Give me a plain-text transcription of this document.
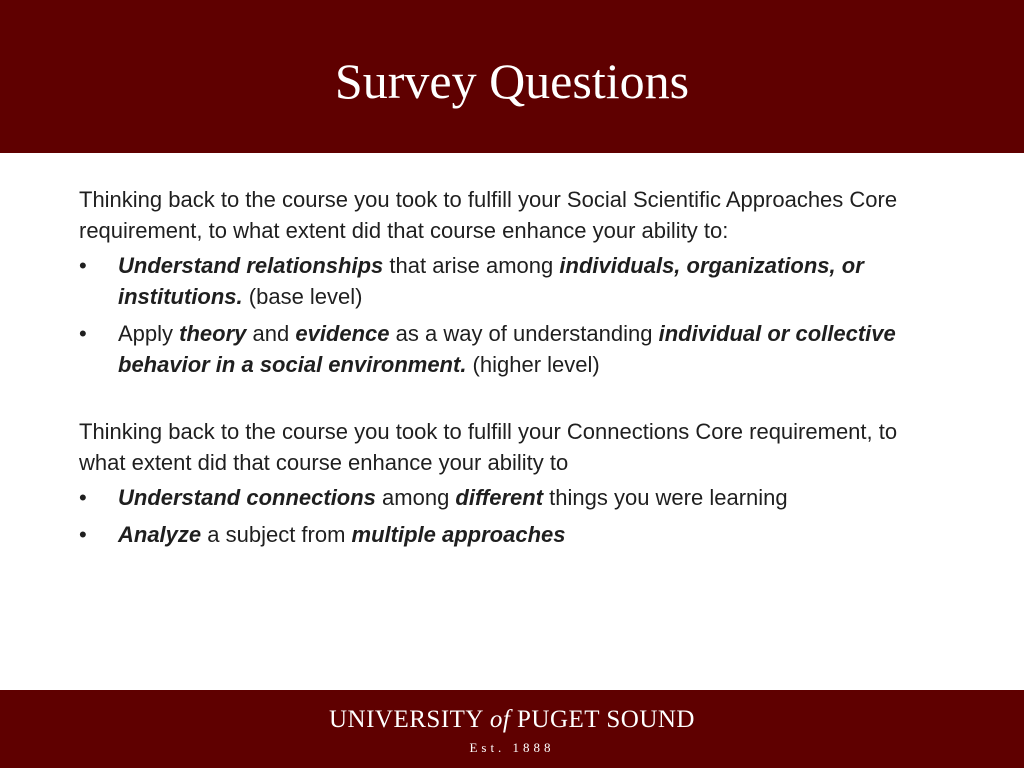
Survey Questions

Thinking back to the course you took to fulfill your Social Scientific Approaches Core requirement, to what extent did that course enhance your ability to:

• Understand relationships that arise among individuals, organizations, or institutions. (base level)
• Apply theory and evidence as a way of understanding individual or collective behavior in a social environment. (higher level)

Thinking back to the course you took to fulfill your Connections Core requirement, to what extent did that course enhance your ability to

• Understand connections among different things you were learning
• Analyze a subject from multiple approaches
UNIVERSITY of PUGET SOUND
Est. 1888
